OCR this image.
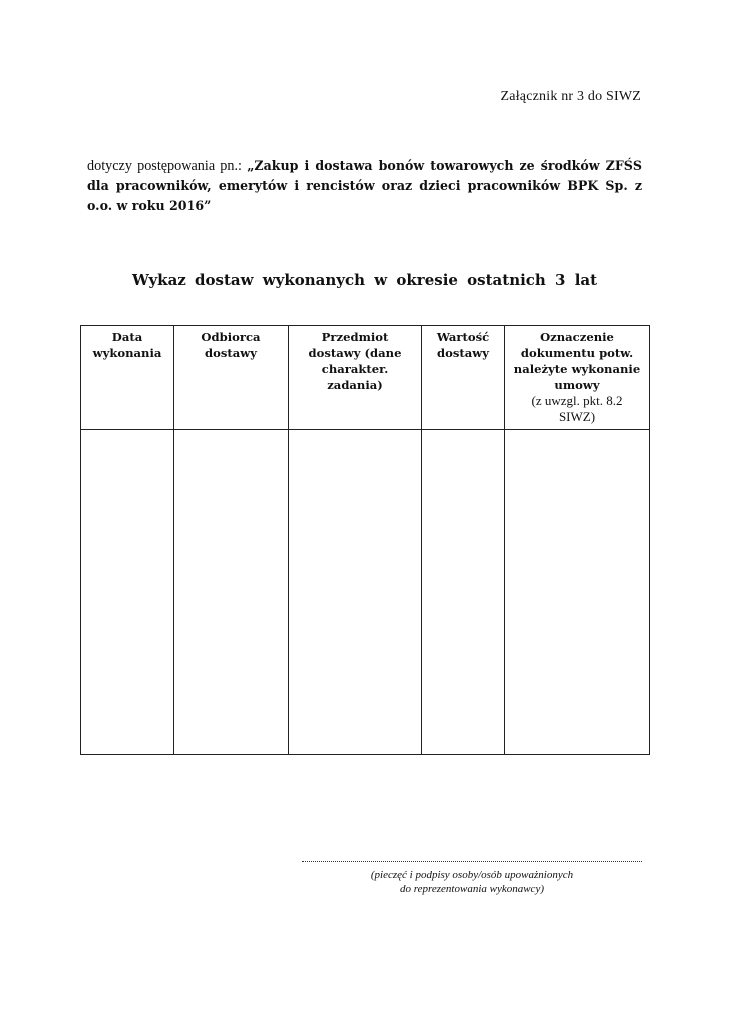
Załącznik nr 3 do SIWZ
dotyczy postępowania pn.: „Zakup i dostawa bonów towarowych ze środków ZFŚS dla pracowników, emerytów i rencistów oraz dzieci pracowników BPK Sp. z o.o. w roku 2016”
Wykaz dostaw wykonanych w okresie ostatnich 3 lat
Data wykonania	Odbiorca dostawy	Przedmiot dostawy (dane charakter. zadania)	Wartość dostawy	Oznaczenie dokumentu potw. należyte wykonanie umowy
(z uwzgl. pkt. 8.2 SIWZ)

(pieczęć i podpisy osoby/osób upoważnionych
do reprezentowania wykonawcy)
